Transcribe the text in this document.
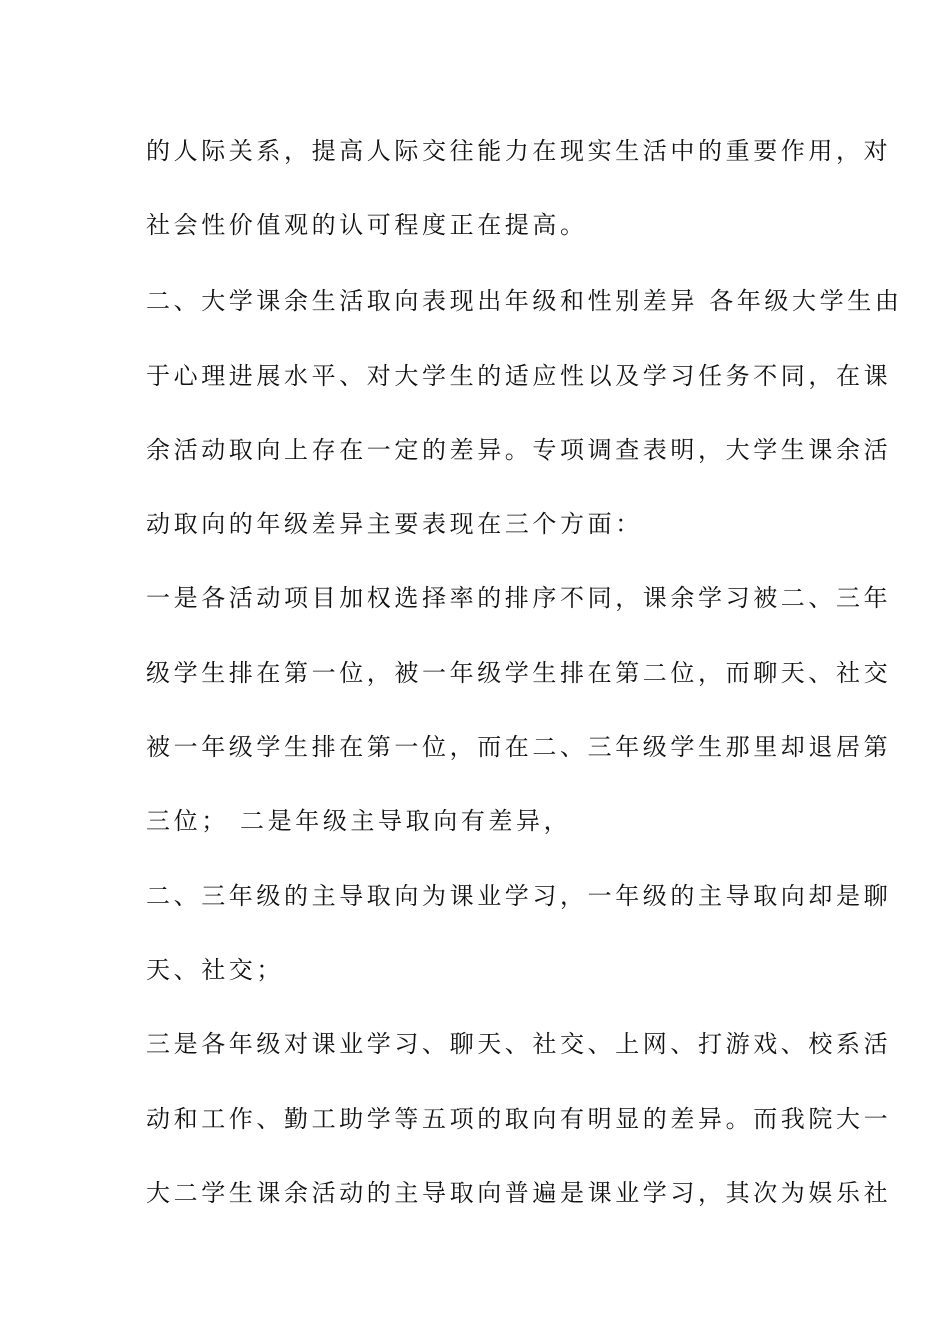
的人际关系，提高人际交往能力在现实生活中的重要作用，对
社会性价值观的认可程度正在提高。
二、大学课余生活取向表现出年级和性别差异 各年级大学生由
于心理进展水平、对大学生的适应性以及学习任务不同，在课
余活动取向上存在一定的差异。专项调查表明，大学生课余活
动取向的年级差异主要表现在三个方面：
一是各活动项目加权选择率的排序不同，课余学习被二、三年
级学生排在第一位，被一年级学生排在第二位，而聊天、社交
被一年级学生排在第一位，而在二、三年级学生那里却退居第
三位； 二是年级主导取向有差异，
二、三年级的主导取向为课业学习，一年级的主导取向却是聊
天、社交；
三是各年级对课业学习、聊天、社交、上网、打游戏、校系活
动和工作、勤工助学等五项的取向有明显的差异。而我院大一
大二学生课余活动的主导取向普遍是课业学习，其次为娱乐社
